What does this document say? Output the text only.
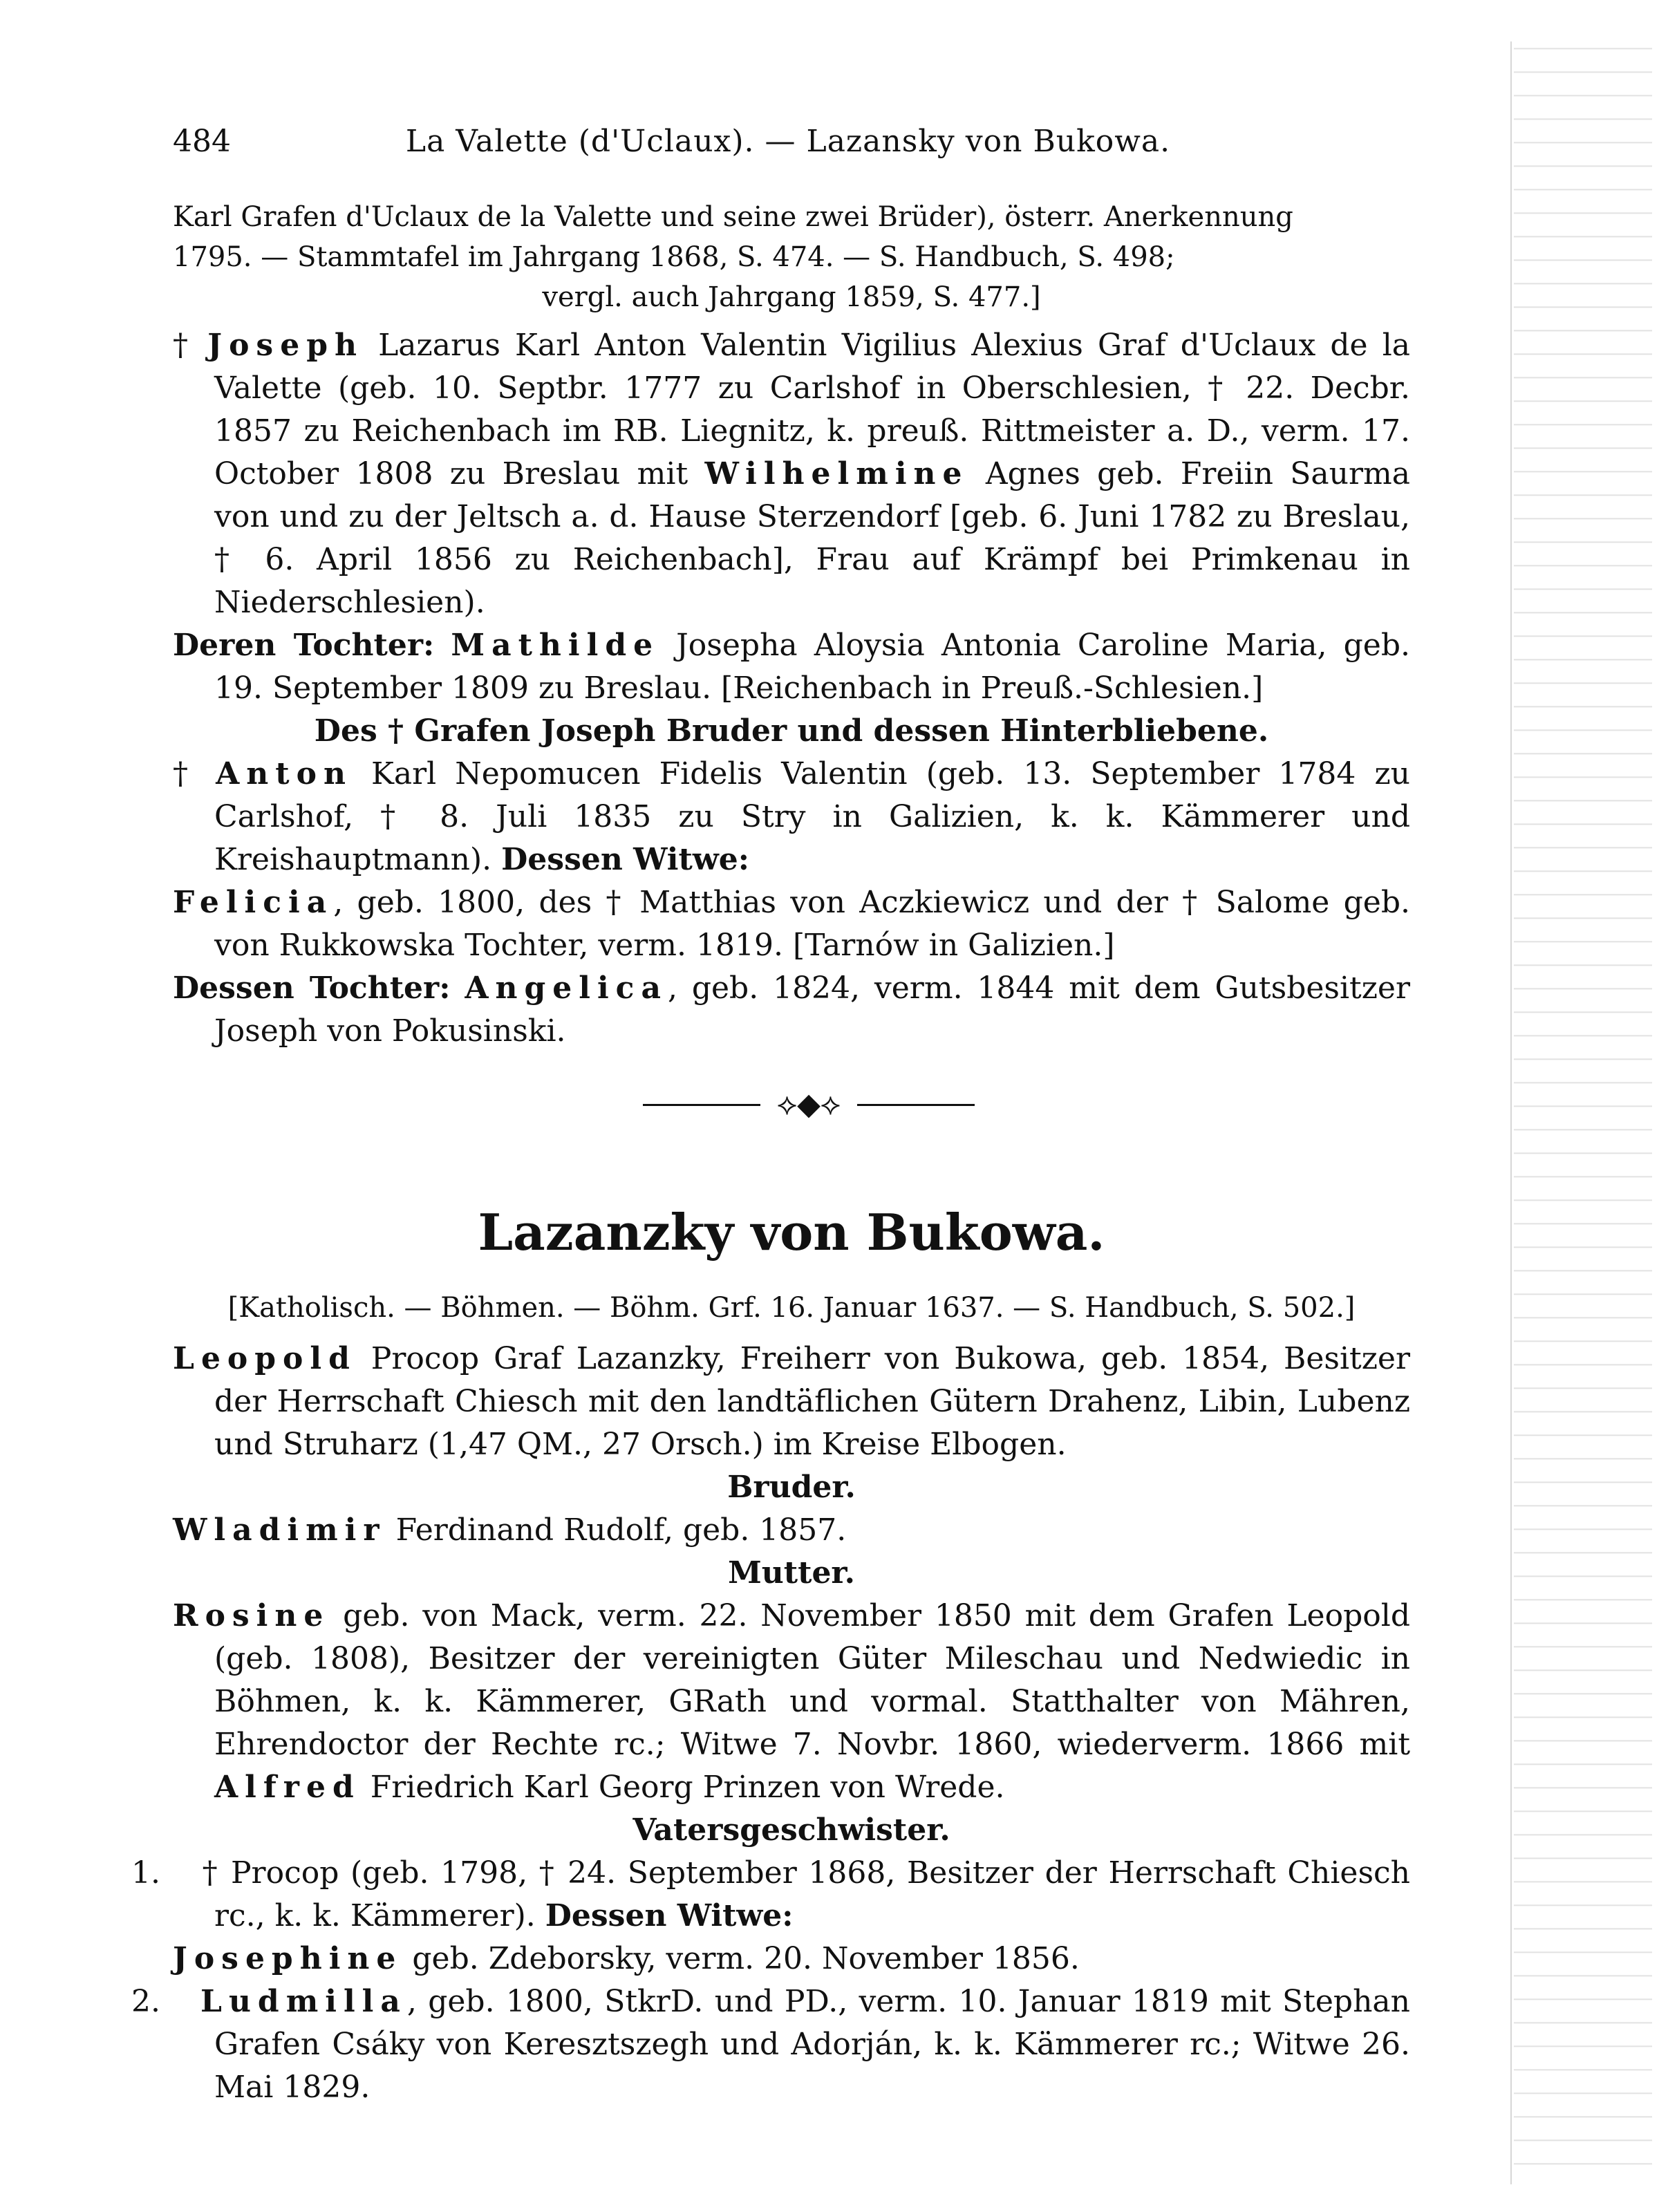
484	La Valette (d'Uclaux). — Lazansky von Bukowa.

Karl Grafen d'Uclaux de la Valette und seine zwei Brüder), österr. Anerkennung

1795. — Stammtafel im Jahrgang 1868, S. 474. — S. Handbuch, S. 498;

vergl. auch Jahrgang 1859, S. 477.]

† Joseph Lazarus Karl Anton Valentin Vigilius Alexius Graf d'Uclaux de la Valette (geb. 10. Septbr. 1777 zu Carlshof in Oberschlesien, † 22. Decbr. 1857 zu Reichenbach im RB. Liegnitz, k. preuß. Rittmeister a. D., verm. 17. October 1808 zu Breslau mit Wilhelmine Agnes geb. Freiin Saurma von und zu der Jeltsch a. d. Hause Sterzendorf [geb. 6. Juni 1782 zu Breslau, † 6. April 1856 zu Reichenbach], Frau auf Krämpf bei Primkenau in Niederschlesien).

Deren Tochter: Mathilde Josepha Aloysia Antonia Caroline Maria, geb. 19. September 1809 zu Breslau. [Reichenbach in Preuß.-Schlesien.]

Des † Grafen Joseph Bruder und dessen Hinterbliebene.

† Anton Karl Nepomucen Fidelis Valentin (geb. 13. September 1784 zu Carlshof, † 8. Juli 1835 zu Stry in Galizien, k. k. Kämmerer und Kreishauptmann). Dessen Witwe:

Felicia, geb. 1800, des † Matthias von Aczkiewicz und der † Salome geb. von Rukkowska Tochter, verm. 1819. [Tarnów in Galizien.]

Dessen Tochter: Angelica, geb. 1824, verm. 1844 mit dem Gutsbesitzer Joseph von Pokusinski.

⟡◆⟡
Lazanzky von Bukowa.

[Katholisch. — Böhmen. — Böhm. Grf. 16. Januar 1637. — S. Handbuch, S. 502.]

Leopold Procop Graf Lazanzky, Freiherr von Bukowa, geb. 1854, Besitzer der Herrschaft Chiesch mit den landtäflichen Gütern Drahenz, Libin, Lubenz und Struharz (1,47 QM., 27 Orsch.) im Kreise Elbogen.

Bruder.

Wladimir Ferdinand Rudolf, geb. 1857.

Mutter.

Rosine geb. von Mack, verm. 22. November 1850 mit dem Grafen Leopold (geb. 1808), Besitzer der vereinigten Güter Mileschau und Nedwiedic in Böhmen, k. k. Kämmerer, GRath und vormal. Statthalter von Mähren, Ehrendoctor der Rechte rc.; Witwe 7. Novbr. 1860, wiederverm. 1866 mit Alfred Friedrich Karl Georg Prinzen von Wrede.

Vatersgeschwister.

1. † Procop (geb. 1798, † 24. September 1868, Besitzer der Herrschaft Chiesch rc., k. k. Kämmerer). Dessen Witwe:

Josephine geb. Zdeborsky, verm. 20. November 1856.

2. Ludmilla, geb. 1800, StkrD. und PD., verm. 10. Januar 1819 mit Stephan Grafen Csáky von Keresztszegh und Adorján, k. k. Kämmerer rc.; Witwe 26. Mai 1829.
